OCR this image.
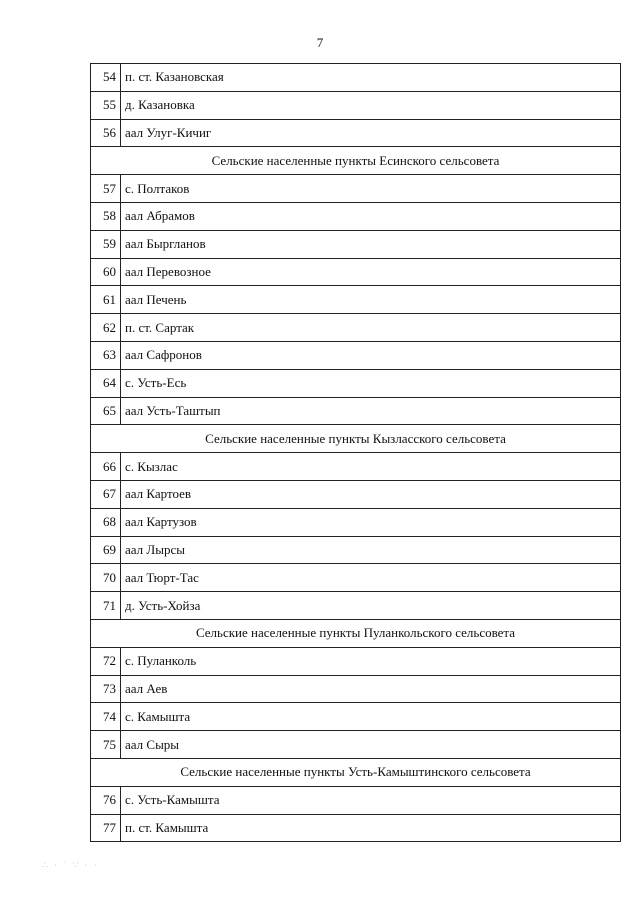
7
54	п. ст. Казановская
55	д. Казановка
56	аал Улуг-Кичиг
Сельские населенные пункты Есинского сельсовета	
57	с. Полтаков
58	аал Абрамов
59	аал Быргланов
60	аал Перевозное
61	аал Печень
62	п. ст. Сартак
63	аал Сафронов
64	с. Усть-Есь
65	аал Усть-Таштып
Сельские населенные пункты Кызласского сельсовета	
66	с. Кызлас
67	аал Картоев
68	аал Картузов
69	аал Лырсы
70	аал Тюрт-Тас
71	д. Усть-Хойза
Сельские населенные пункты Пуланкольского сельсовета	
72	с. Пуланколь
73	аал Аев
74	с. Камышта
75	аал Сыры
Сельские населенные пункты Усть-Камыштинского сельсовета	
76	с. Усть-Камышта
77	п. ст. Камышта
∴ · ˙ ∵ · ·
